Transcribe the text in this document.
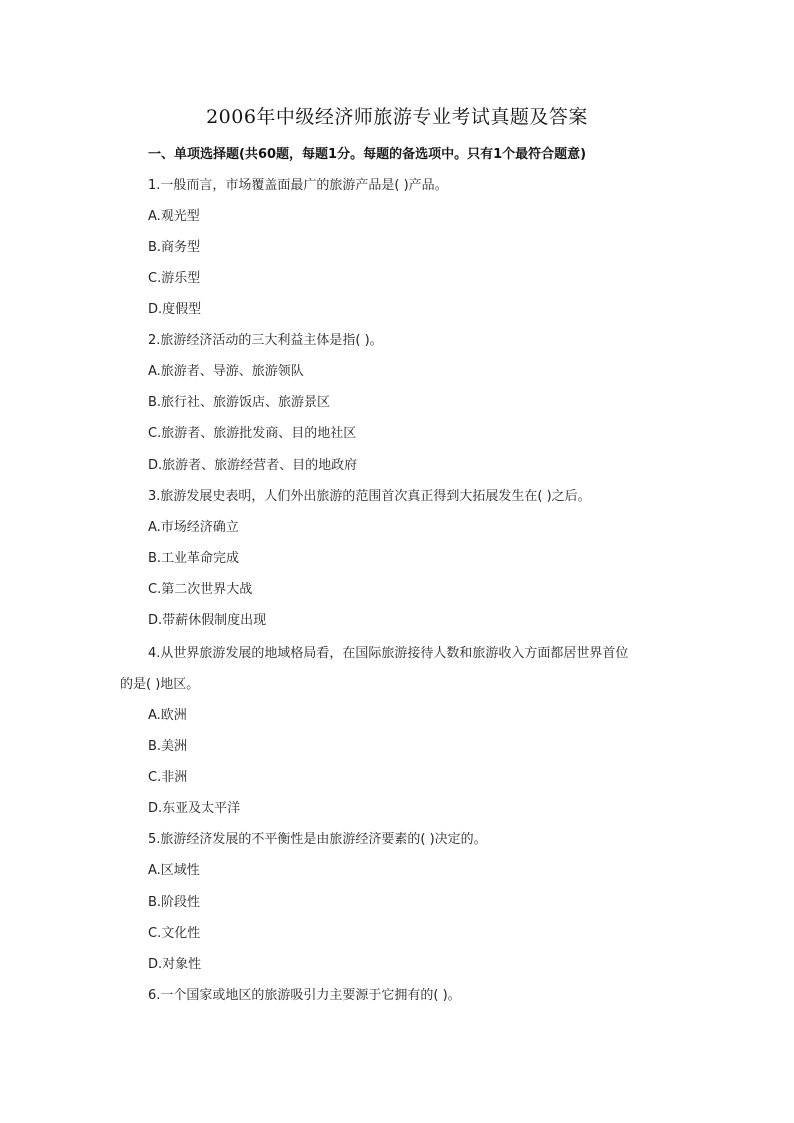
2006年中级经济师旅游专业考试真题及答案
一、单项选择题(共60题，每题1分。每题的备选项中。只有1个最符合题意)
1.一般而言，市场覆盖面最广的旅游产品是( )产品。
A.观光型
B.商务型
C.游乐型
D.度假型
2.旅游经济活动的三大利益主体是指( )。
A.旅游者、导游、旅游领队
B.旅行社、旅游饭店、旅游景区
C.旅游者、旅游批发商、目的地社区
D.旅游者、旅游经营者、目的地政府
3.旅游发展史表明，人们外出旅游的范围首次真正得到大拓展发生在( )之后。
A.市场经济确立
B.工业革命完成
C.第二次世界大战
D.带薪休假制度出现
4.从世界旅游发展的地域格局看，在国际旅游接待人数和旅游收入方面都居世界首位
的是( )地区。
A.欧洲
B.美洲
C.非洲
D.东亚及太平洋
5.旅游经济发展的不平衡性是由旅游经济要素的( )决定的。
A.区域性
B.阶段性
C.文化性
D.对象性
6.一个国家或地区的旅游吸引力主要源于它拥有的( )。
